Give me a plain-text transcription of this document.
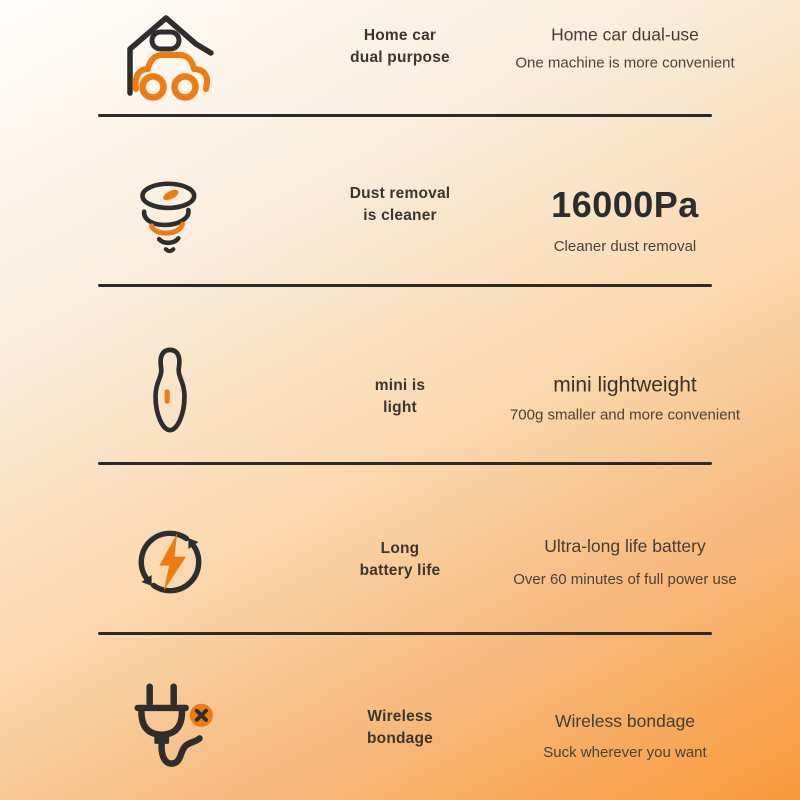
Home car
dual purpose
Home car dual-use
One machine is more convenient
Dust removal
is cleaner	16000Pa
Cleaner dust removal
mini is
light
mini lightweight
700g smaller and more convenient
Long
battery life
Ultra-long life battery
Over 60 minutes of full power use
Wireless
bondage
Wireless bondage
Suck wherever you want
